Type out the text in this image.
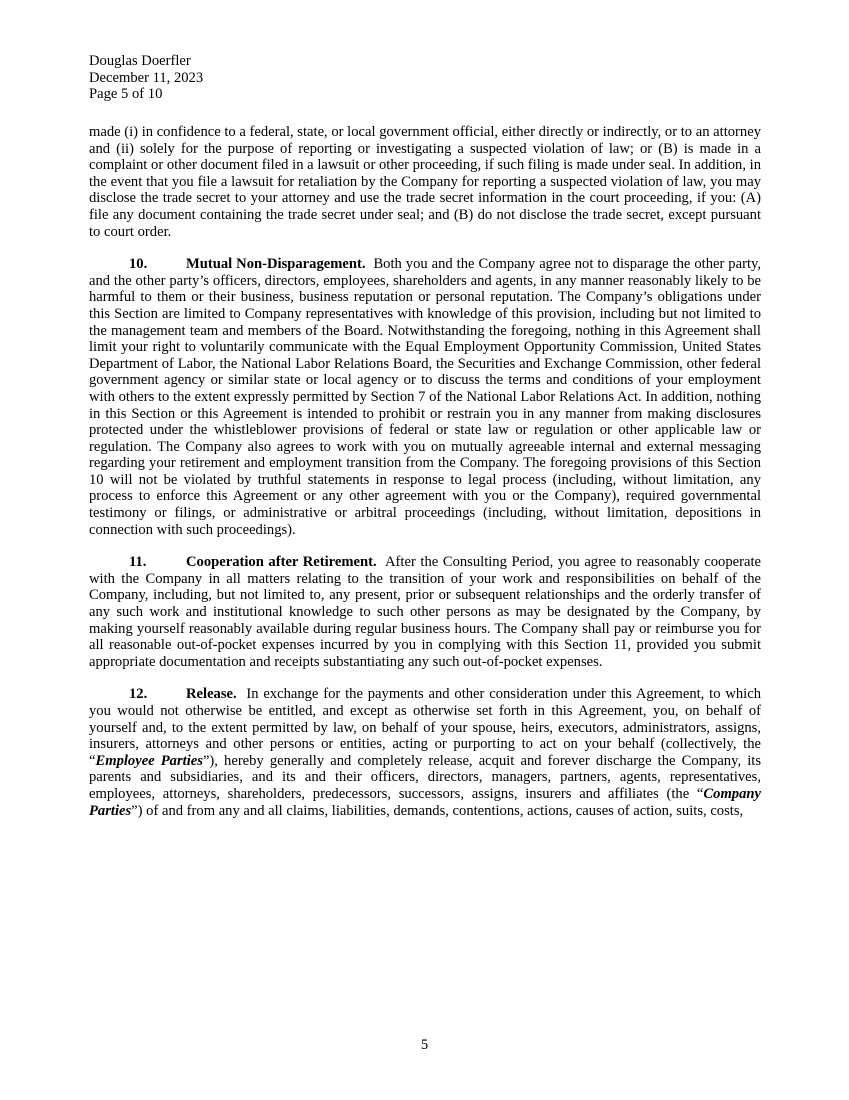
Douglas Doerfler
December 11, 2023
Page 5 of 10

made (i) in confidence to a federal, state, or local government official, either directly or indirectly, or to an attorney and (ii) solely for the purpose of reporting or investigating a suspected violation of law; or (B) is made in a complaint or other document filed in a lawsuit or other proceeding, if such filing is made under seal. In addition, in the event that you file a lawsuit for retaliation by the Company for reporting a suspected violation of law, you may disclose the trade secret to your attorney and use the trade secret information in the court proceeding, if you: (A) file any document containing the trade secret under seal; and (B) do not disclose the trade secret, except pursuant to court order.

10.	Mutual Non-Disparagement. Both you and the Company agree not to disparage the other party, and the other party’s officers, directors, employees, shareholders and agents, in any manner reasonably likely to be harmful to them or their business, business reputation or personal reputation. The Company’s obligations under this Section are limited to Company representatives with knowledge of this provision, including but not limited to the management team and members of the Board. Notwithstanding the foregoing, nothing in this Agreement shall limit your right to voluntarily communicate with the Equal Employment Opportunity Commission, United States Department of Labor, the National Labor Relations Board, the Securities and Exchange Commission, other federal government agency or similar state or local agency or to discuss the terms and conditions of your employment with others to the extent expressly permitted by Section 7 of the National Labor Relations Act. In addition, nothing in this Section or this Agreement is intended to prohibit or restrain you in any manner from making disclosures protected under the whistleblower provisions of federal or state law or regulation or other applicable law or regulation. The Company also agrees to work with you on mutually agreeable internal and external messaging regarding your retirement and employment transition from the Company. The foregoing provisions of this Section 10 will not be violated by truthful statements in response to legal process (including, without limitation, any process to enforce this Agreement or any other agreement with you or the Company), required governmental testimony or filings, or administrative or arbitral proceedings (including, without limitation, depositions in connection with such proceedings).

11.	Cooperation after Retirement. After the Consulting Period, you agree to reasonably cooperate with the Company in all matters relating to the transition of your work and responsibilities on behalf of the Company, including, but not limited to, any present, prior or subsequent relationships and the orderly transfer of any such work and institutional knowledge to such other persons as may be designated by the Company, by making yourself reasonably available during regular business hours. The Company shall pay or reimburse you for all reasonable out-of-pocket expenses incurred by you in complying with this Section 11, provided you submit appropriate documentation and receipts substantiating any such out-of-pocket expenses.

12.	Release. In exchange for the payments and other consideration under this Agreement, to which you would not otherwise be entitled, and except as otherwise set forth in this Agreement, you, on behalf of yourself and, to the extent permitted by law, on behalf of your spouse, heirs, executors, administrators, assigns, insurers, attorneys and other persons or entities, acting or purporting to act on your behalf (collectively, the “Employee Parties”), hereby generally and completely release, acquit and forever discharge the Company, its parents and subsidiaries, and its and their officers, directors, managers, partners, agents, representatives, employees, attorneys, shareholders, predecessors, successors, assigns, insurers and affiliates (the “Company Parties”) of and from any and all claims, liabilities, demands, contentions, actions, causes of action, suits, costs,

5
